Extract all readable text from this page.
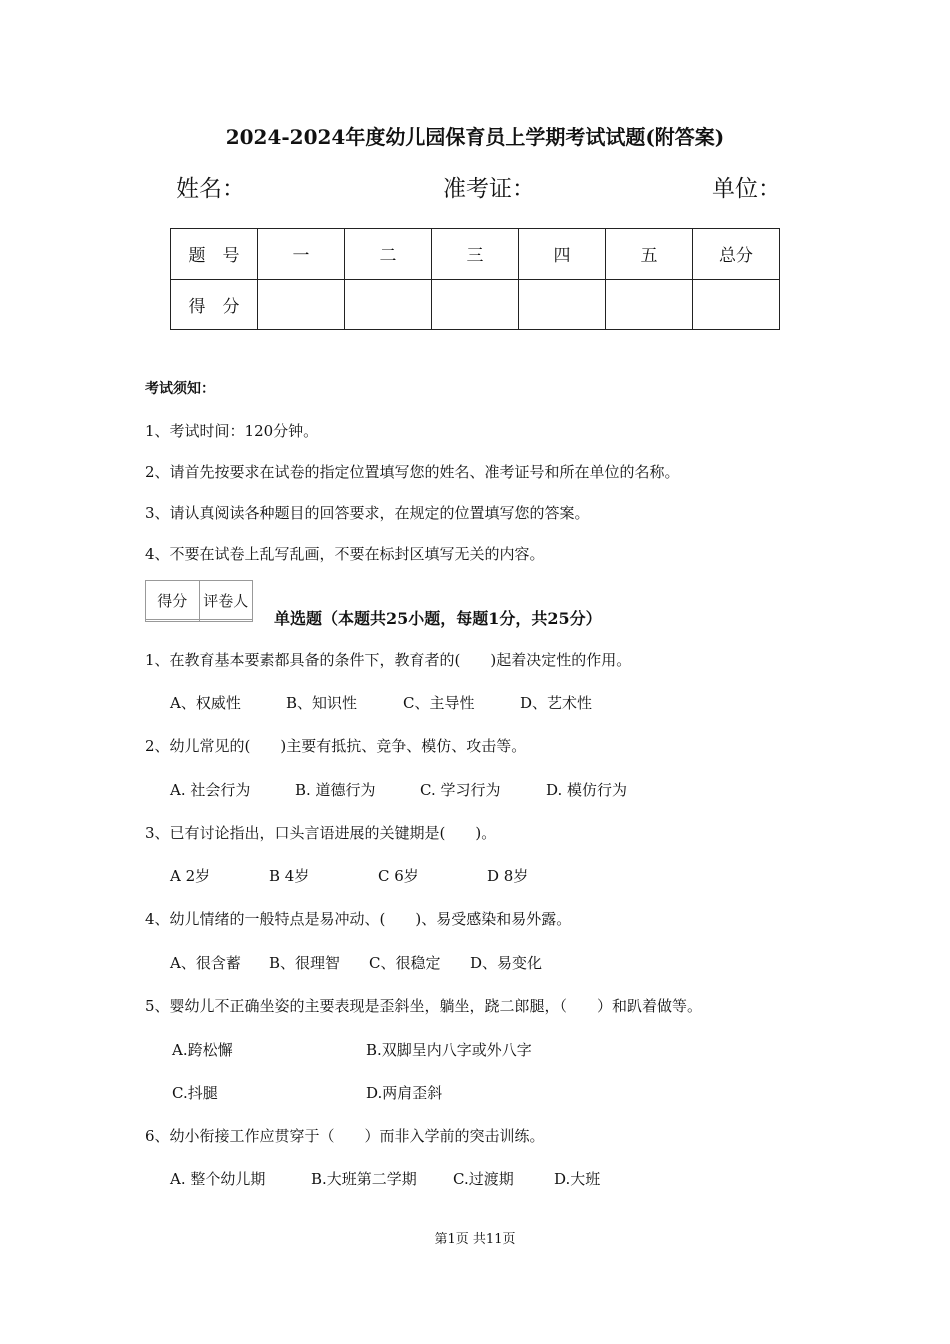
2024-2024年度幼儿园保育员上学期考试试题(附答案)
姓名：	准考证：	单位：
题　号	一	二	三	四	五	总分
得　分						
考试须知：
1、考试时间：120分钟。
2、请首先按要求在试卷的指定位置填写您的姓名、准考证号和所在单位的名称。
3、请认真阅读各种题目的回答要求，在规定的位置填写您的答案。
4、不要在试卷上乱写乱画，不要在标封区填写无关的内容。
得分	评卷人

单选题（本题共25小题，每题1分，共25分）
1、在教育基本要素都具备的条件下，教育者的(　　)起着决定性的作用。
A、权威性	B、知识性	C、主导性	D、艺术性
2、幼儿常见的(　　)主要有抵抗、竞争、模仿、攻击等。
A. 社会行为	B. 道德行为	C. 学习行为	D. 模仿行为
3、已有讨论指出，口头言语进展的关键期是(　　)。
A 2岁	B 4岁	C 6岁	D 8岁
4、幼儿情绪的一般特点是易冲动、(　　)、易受感染和易外露。
A、很含蓄 B、很理智 C、很稳定 D、易变化
5、婴幼儿不正确坐姿的主要表现是歪斜坐，躺坐，跷二郎腿，（　　）和趴着做等。
A.跨松懈	B.双脚呈内八字或外八字
C.抖腿	D.两肩歪斜
6、幼小衔接工作应贯穿于（　　）而非入学前的突击训练。
A. 整个幼儿期	B.大班第二学期 C.过渡期	D.大班
第1页 共11页
